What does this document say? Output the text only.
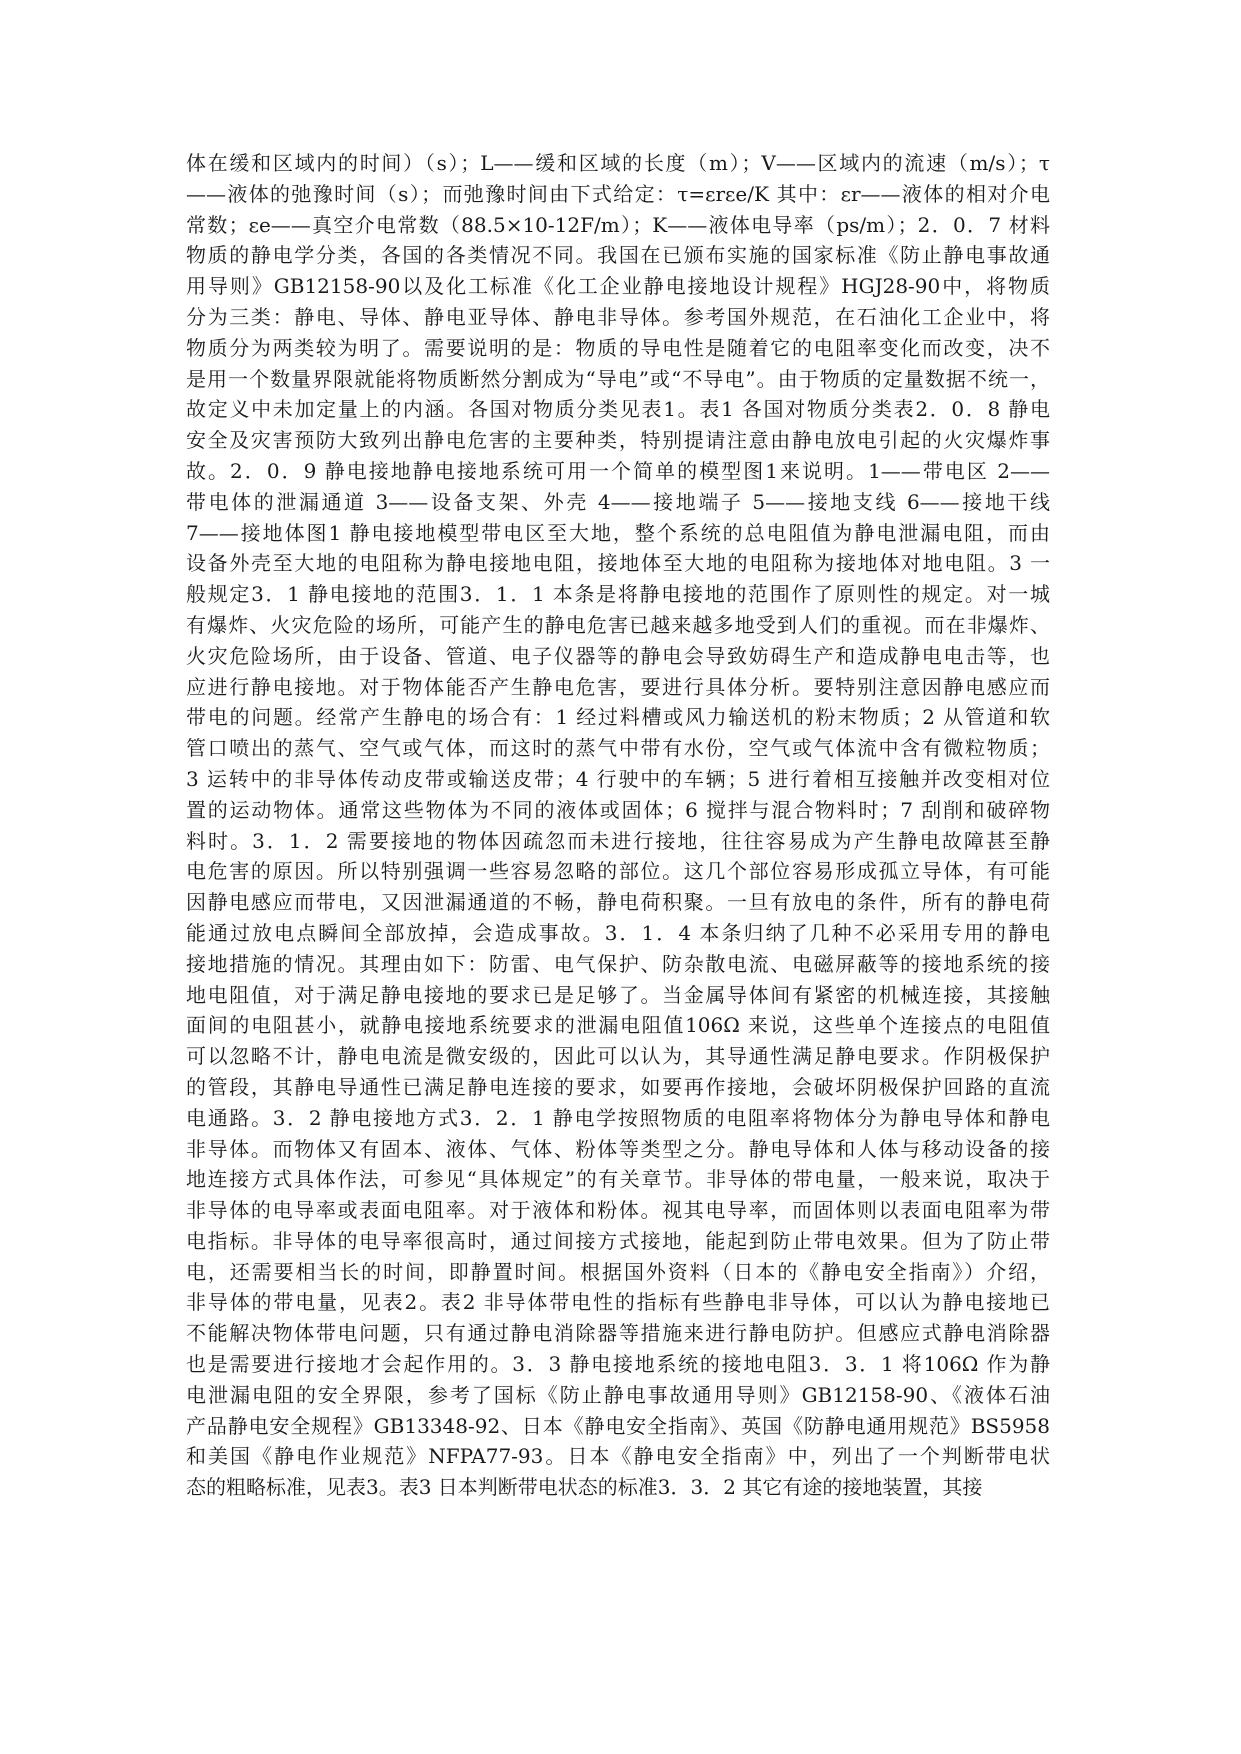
体在缓和区域内的时间）（s）；L——缓和区域的长度（m）；V——区域内的流速（m/s）；τ
——液体的弛豫时间（s）；而弛豫时间由下式给定：τ=εrεe/K 其中：εr——液体的相对介电
常数；εe——真空介电常数（88.5×10-12F/m）；K——液体电导率（ps/m）；2．0．7 材料
物质的静电学分类，各国的各类情况不同。我国在已颁布实施的国家标准《防止静电事故通
用导则》GB12158-90以及化工标准《化工企业静电接地设计规程》HGJ28-90中，将物质
分为三类：静电、导体、静电亚导体、静电非导体。参考国外规范，在石油化工企业中，将
物质分为两类较为明了。需要说明的是：物质的导电性是随着它的电阻率变化而改变，决不
是用一个数量界限就能将物质断然分割成为“导电”或“不导电”。由于物质的定量数据不统一，
故定义中未加定量上的内涵。各国对物质分类见表1。表1 各国对物质分类表2．0．8 静电
安全及灾害预防大致列出静电危害的主要种类，特别提请注意由静电放电引起的火灾爆炸事
故。2．0．9 静电接地静电接地系统可用一个简单的模型图1来说明。1——带电区 2——
带电体的泄漏通道 3——设备支架、外壳 4——接地端子 5——接地支线 6——接地干线
7——接地体图1 静电接地模型带电区至大地，整个系统的总电阻值为静电泄漏电阻，而由
设备外壳至大地的电阻称为静电接地电阻，接地体至大地的电阻称为接地体对地电阻。3 一
般规定3．1 静电接地的范围3．1．1 本条是将静电接地的范围作了原则性的规定。对一城
有爆炸、火灾危险的场所，可能产生的静电危害已越来越多地受到人们的重视。而在非爆炸、
火灾危险场所，由于设备、管道、电子仪器等的静电会导致妨碍生产和造成静电电击等，也
应进行静电接地。对于物体能否产生静电危害，要进行具体分析。要特别注意因静电感应而
带电的问题。经常产生静电的场合有：1 经过料槽或风力输送机的粉末物质；2 从管道和软
管口喷出的蒸气、空气或气体，而这时的蒸气中带有水份，空气或气体流中含有微粒物质；
3 运转中的非导体传动皮带或输送皮带；4 行驶中的车辆；5 进行着相互接触并改变相对位
置的运动物体。通常这些物体为不同的液体或固体；6 搅拌与混合物料时；7 刮削和破碎物
料时。3．1．2 需要接地的物体因疏忽而未进行接地，往往容易成为产生静电故障甚至静
电危害的原因。所以特别强调一些容易忽略的部位。这几个部位容易形成孤立导体，有可能
因静电感应而带电，又因泄漏通道的不畅，静电荷积聚。一旦有放电的条件，所有的静电荷
能通过放电点瞬间全部放掉，会造成事故。3．1．4 本条归纳了几种不必采用专用的静电
接地措施的情况。其理由如下：防雷、电气保护、防杂散电流、电磁屏蔽等的接地系统的接
地电阻值，对于满足静电接地的要求已是足够了。当金属导体间有紧密的机械连接，其接触
面间的电阻甚小，就静电接地系统要求的泄漏电阻值106Ω 来说，这些单个连接点的电阻值
可以忽略不计，静电电流是微安级的，因此可以认为，其导通性满足静电要求。作阴极保护
的管段，其静电导通性已满足静电连接的要求，如要再作接地，会破坏阴极保护回路的直流
电通路。3．2 静电接地方式3．2．1 静电学按照物质的电阻率将物体分为静电导体和静电
非导体。而物体又有固本、液体、气体、粉体等类型之分。静电导体和人体与移动设备的接
地连接方式具体作法，可参见“具体规定”的有关章节。非导体的带电量，一般来说，取决于
非导体的电导率或表面电阻率。对于液体和粉体。视其电导率，而固体则以表面电阻率为带
电指标。非导体的电导率很高时，通过间接方式接地，能起到防止带电效果。但为了防止带
电，还需要相当长的时间，即静置时间。根据国外资料（日本的《静电安全指南》）介绍，
非导体的带电量，见表2。表2 非导体带电性的指标有些静电非导体，可以认为静电接地已
不能解决物体带电问题，只有通过静电消除器等措施来进行静电防护。但感应式静电消除器
也是需要进行接地才会起作用的。3．3 静电接地系统的接地电阻3．3．1 将106Ω 作为静
电泄漏电阻的安全界限，参考了国标《防止静电事故通用导则》GB12158-90、《液体石油
产品静电安全规程》GB13348-92、日本《静电安全指南》、英国《防静电通用规范》BS5958
和美国《静电作业规范》NFPA77-93。日本《静电安全指南》中，列出了一个判断带电状
态的粗略标准，见表3。表3 日本判断带电状态的标准3．3．2 其它有途的接地装置，其接
